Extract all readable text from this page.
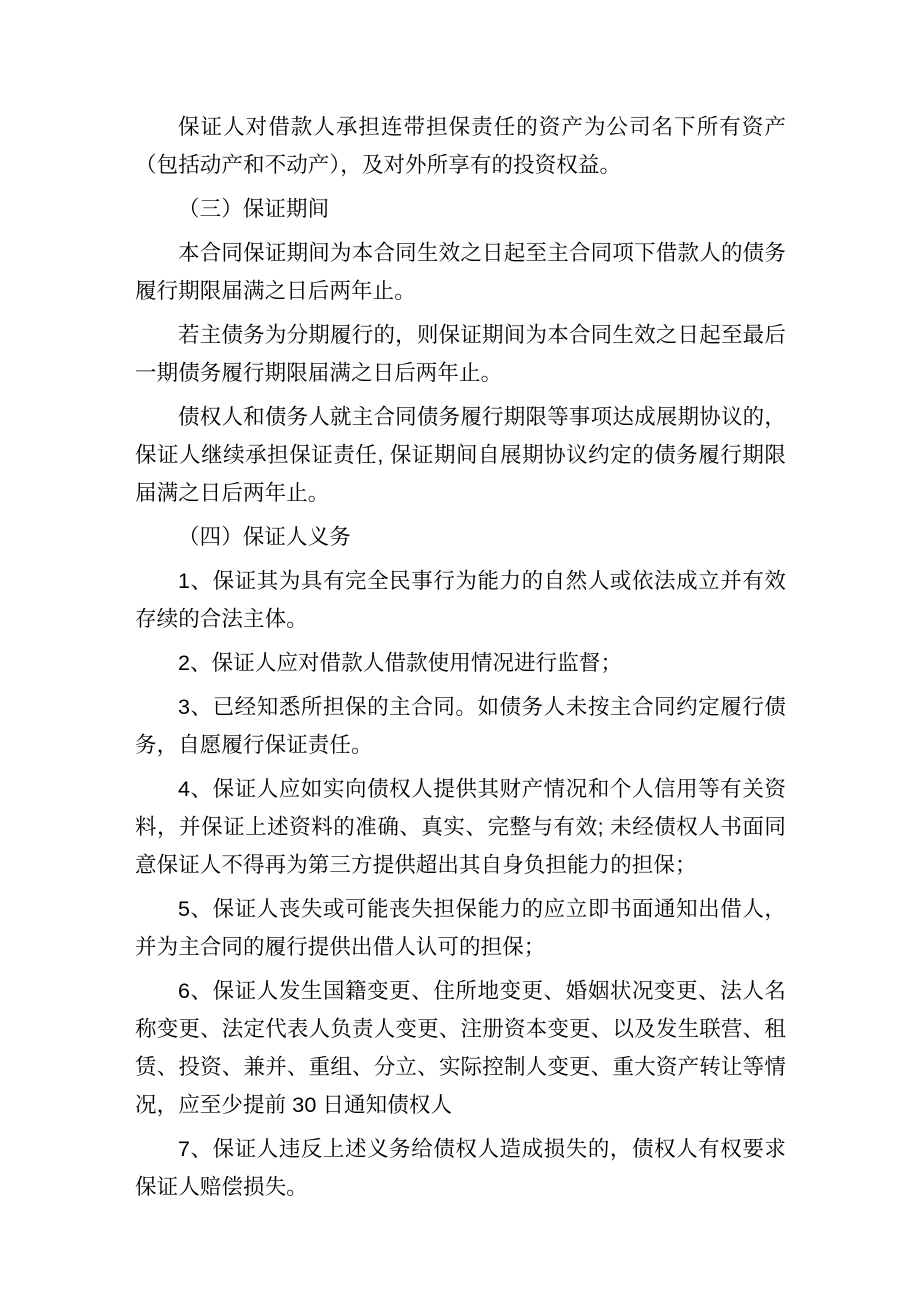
保证人对借款人承担连带担保责任的资产为公司名下所有资产（包括动产和不动产），及对外所享有的投资权益。

（三）保证期间

本合同保证期间为本合同生效之日起至主合同项下借款人的债务履行期限届满之日后两年止。

若主债务为分期履行的，则保证期间为本合同生效之日起至最后一期债务履行期限届满之日后两年止。

债权人和债务人就主合同债务履行期限等事项达成展期协议的，保证人继续承担保证责任, 保证期间自展期协议约定的债务履行期限届满之日后两年止。

（四）保证人义务

1、保证其为具有完全民事行为能力的自然人或依法成立并有效存续的合法主体。

2、保证人应对借款人借款使用情况进行监督；

3、已经知悉所担保的主合同。如债务人未按主合同约定履行债务，自愿履行保证责任。

4、保证人应如实向债权人提供其财产情况和个人信用等有关资料，并保证上述资料的准确、真实、完整与有效; 未经债权人书面同意保证人不得再为第三方提供超出其自身负担能力的担保；

5、保证人丧失或可能丧失担保能力的应立即书面通知出借人，并为主合同的履行提供出借人认可的担保；

6、保证人发生国籍变更、住所地变更、婚姻状况变更、法人名称变更、法定代表人负责人变更、注册资本变更、以及发生联营、租赁、投资、兼并、重组、分立、实际控制人变更、重大资产转让等情况，应至少提前 30 日通知债权人

7、保证人违反上述义务给债权人造成损失的，债权人有权要求保证人赔偿损失。
